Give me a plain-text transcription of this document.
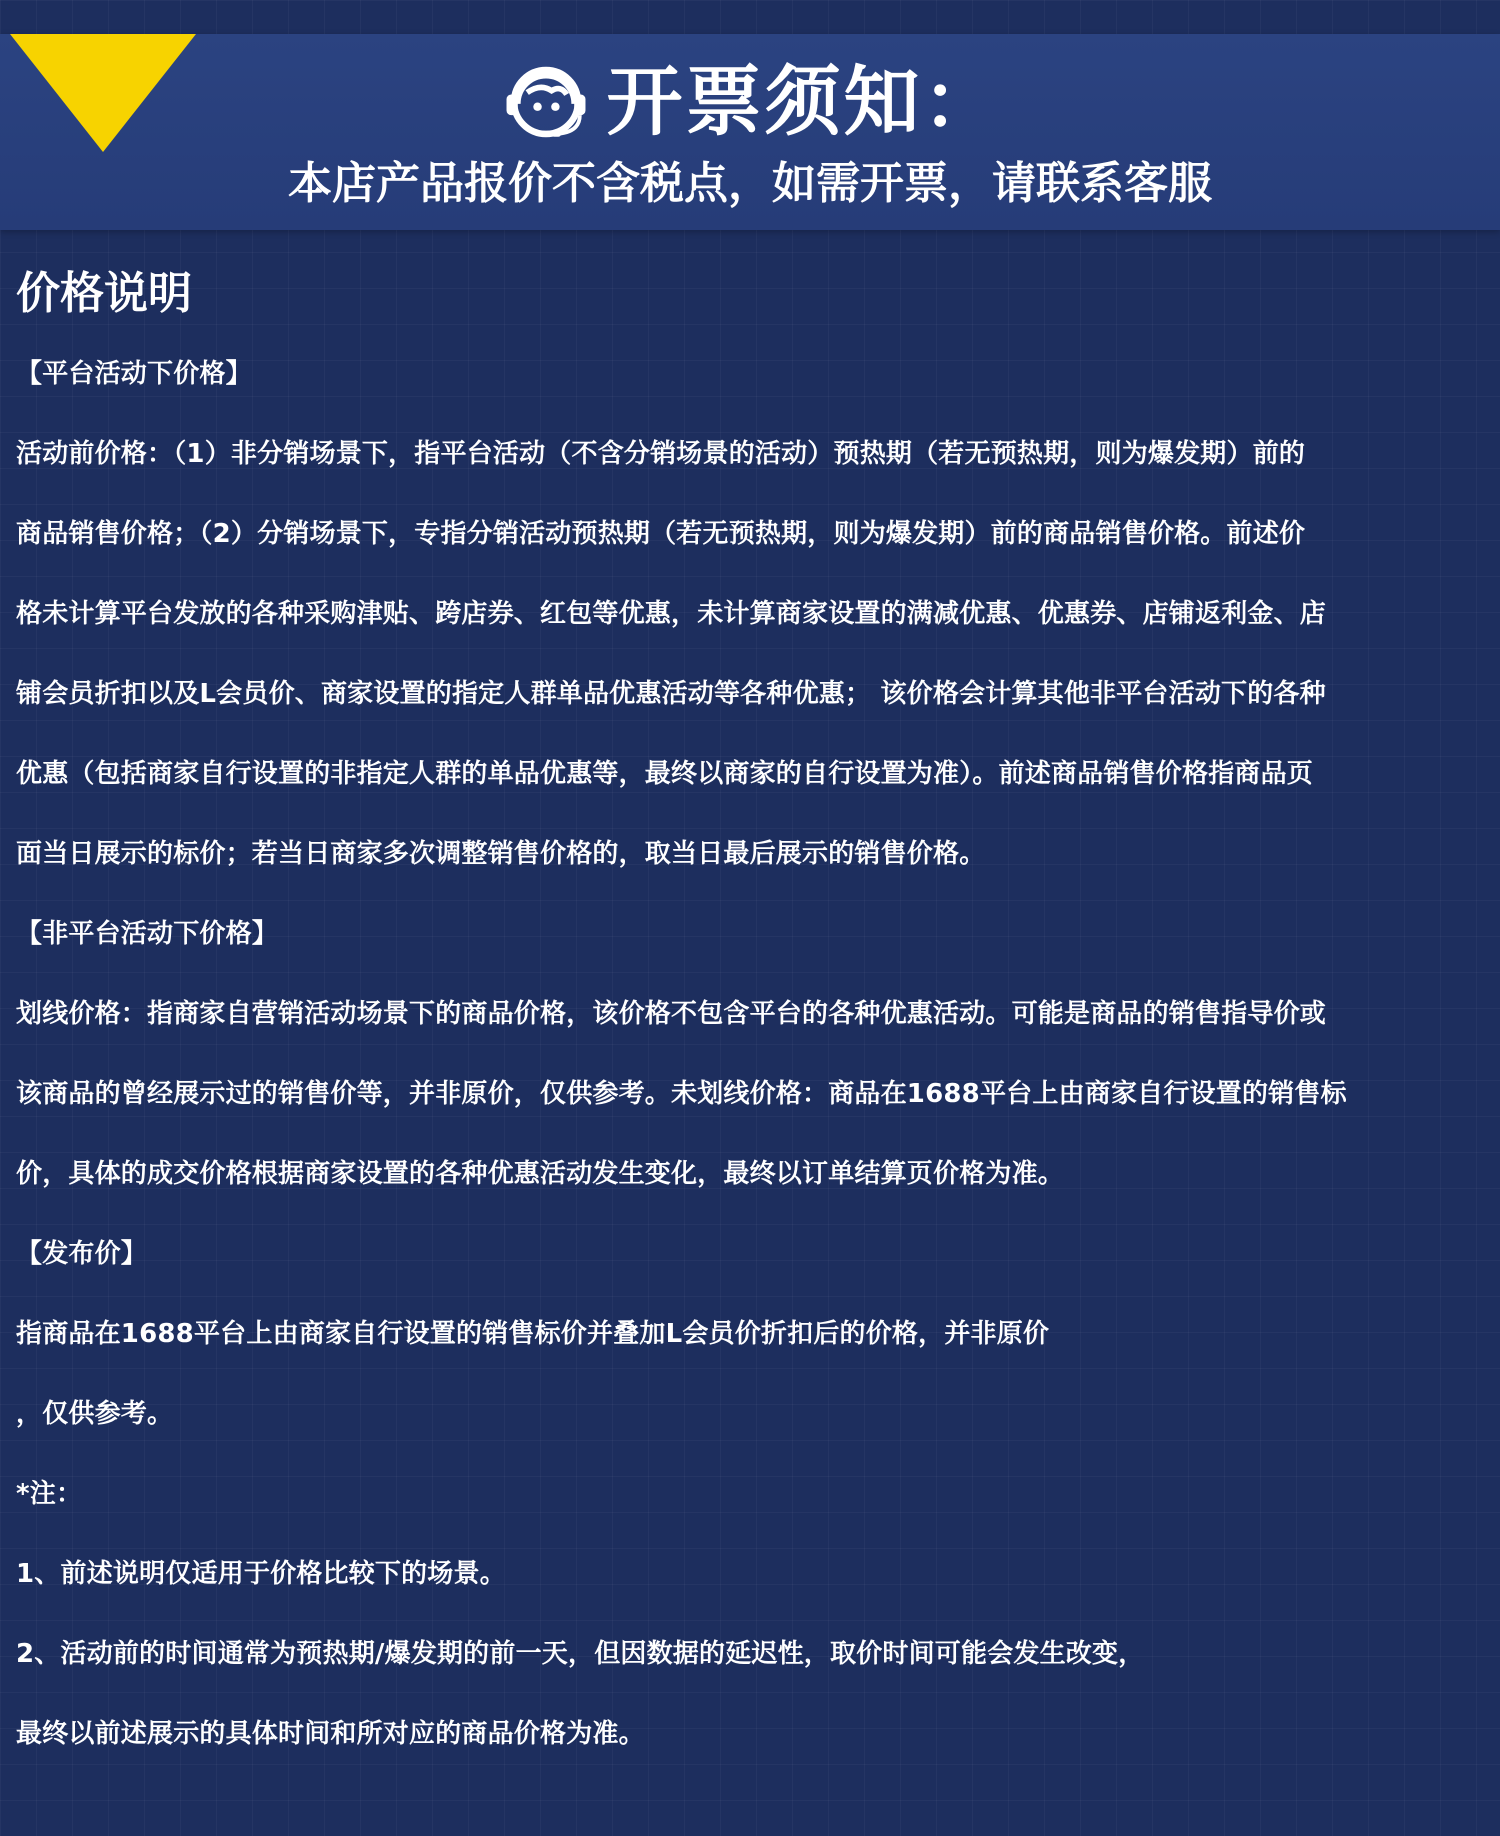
开票须知：
本店产品报价不含税点，如需开票，请联系客服
价格说明
【平台活动下价格】
活动前价格：（1）非分销场景下，指平台活动（不含分销场景的活动）预热期（若无预热期，则为爆发期）前的
商品销售价格；（2）分销场景下，专指分销活动预热期（若无预热期，则为爆发期）前的商品销售价格。前述价
格未计算平台发放的各种采购津贴、跨店券、红包等优惠，未计算商家设置的满减优惠、优惠券、店铺返利金、店
铺会员折扣以及L会员价、商家设置的指定人群单品优惠活动等各种优惠； 该价格会计算其他非平台活动下的各种
优惠（包括商家自行设置的非指定人群的单品优惠等，最终以商家的自行设置为准）。前述商品销售价格指商品页
面当日展示的标价；若当日商家多次调整销售价格的，取当日最后展示的销售价格。
【非平台活动下价格】
划线价格：指商家自营销活动场景下的商品价格，该价格不包含平台的各种优惠活动。可能是商品的销售指导价或
该商品的曾经展示过的销售价等，并非原价，仅供参考。未划线价格：商品在1688平台上由商家自行设置的销售标
价，具体的成交价格根据商家设置的各种优惠活动发生变化，最终以订单结算页价格为准。
【发布价】
指商品在1688平台上由商家自行设置的销售标价并叠加L会员价折扣后的价格，并非原价
，仅供参考。
*注：
1、前述说明仅适用于价格比较下的场景。
2、活动前的时间通常为预热期/爆发期的前一天，但因数据的延迟性，取价时间可能会发生改变，
最终以前述展示的具体时间和所对应的商品价格为准。
